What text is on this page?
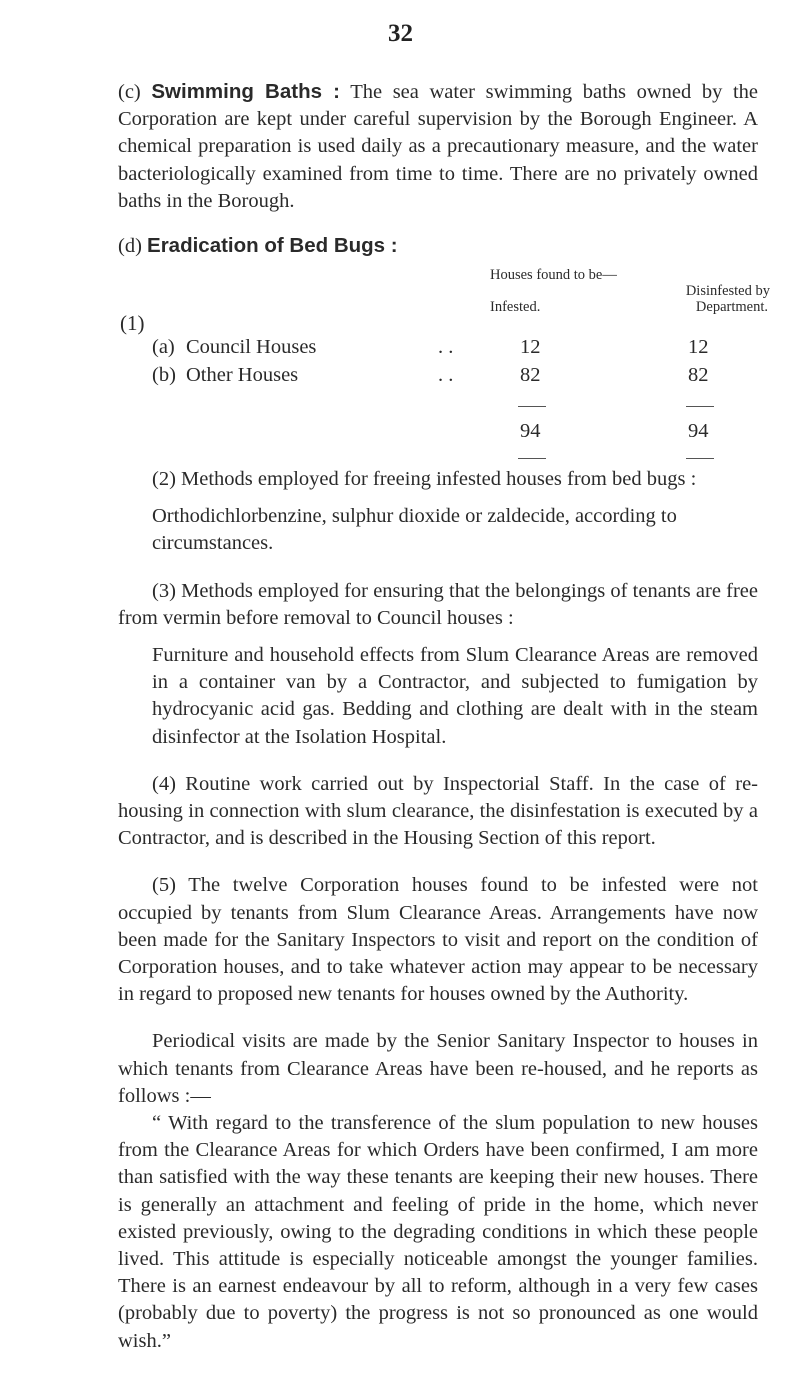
32

(c) Swimming Baths : The sea water swimming baths owned by the Corporation are kept under careful supervision by the Borough Engineer. A chemical preparation is used daily as a precautionary measure, and the water bacteriologically examined from time to time. There are no privately owned baths in the Borough.

(d) Eradication of Bed Bugs :

Houses found to be—
Disinfested by
Infested.	Department.
(1)
(a) Council Houses	. .	12	12
(b) Other Houses	. .	82	82
94	94

(2) Methods employed for freeing infested houses from bed bugs :

Orthodichlorbenzine, sulphur dioxide or zaldecide, according to circumstances.

(3) Methods employed for ensuring that the belongings of tenants are free from vermin before removal to Council houses :

Furniture and household effects from Slum Clearance Areas are removed in a container van by a Contractor, and subjected to fumigation by hydrocyanic acid gas. Bedding and clothing are dealt with in the steam disinfector at the Isolation Hospital.

(4) Routine work carried out by Inspectorial Staff. In the case of re-housing in connection with slum clearance, the disinfestation is executed by a Contractor, and is described in the Housing Section of this report.

(5) The twelve Corporation houses found to be infested were not occupied by tenants from Slum Clearance Areas. Arrangements have now been made for the Sanitary Inspectors to visit and report on the condition of Corporation houses, and to take whatever action may appear to be necessary in regard to proposed new tenants for houses owned by the Authority.

Periodical visits are made by the Senior Sanitary Inspector to houses in which tenants from Clearance Areas have been re-housed, and he reports as follows :—

“ With regard to the transference of the slum population to new houses from the Clearance Areas for which Orders have been confirmed, I am more than satisfied with the way these tenants are keeping their new houses. There is generally an attachment and feeling of pride in the home, which never existed previously, owing to the degrading conditions in which these people lived. This attitude is especially noticeable amongst the younger families. There is an earnest endeavour by all to reform, although in a very few cases (probably due to poverty) the progress is not so pronounced as one would wish.”
